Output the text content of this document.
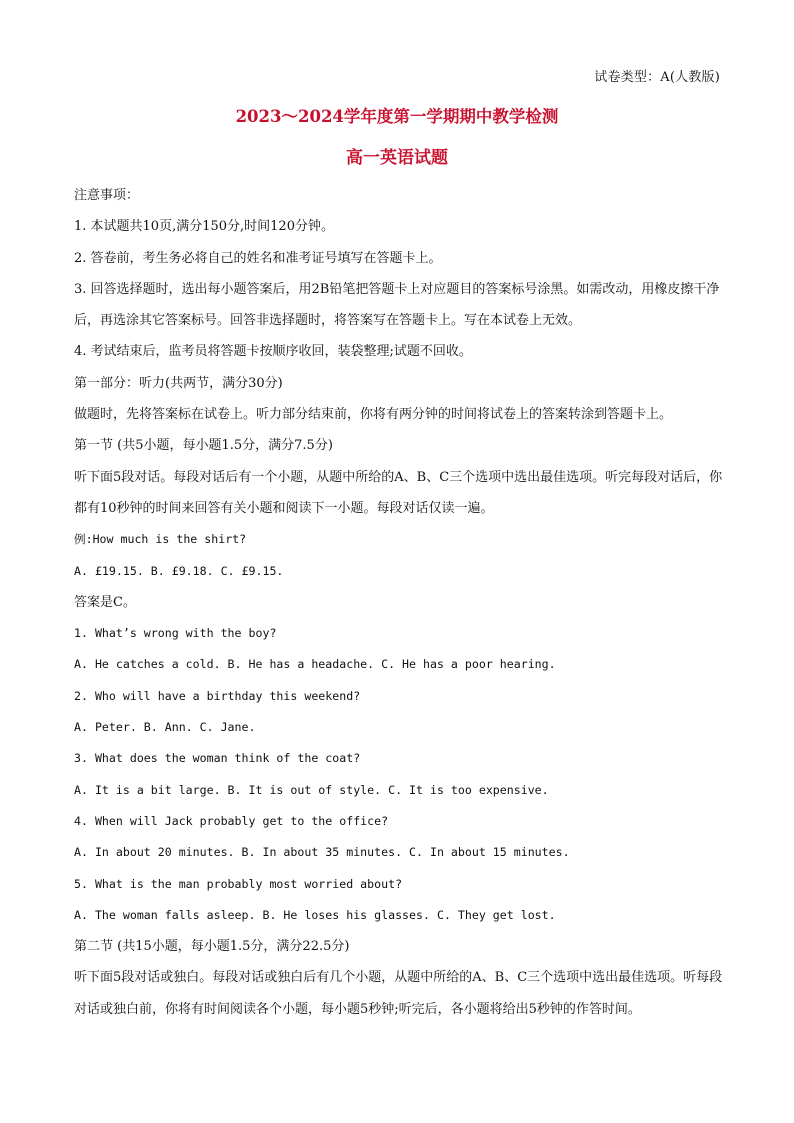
试卷类型：A(人教版)
2023～2024学年度第一学期期中教学检测
高一英语试题
注意事项：
1. 本试题共10页,满分150分,时间120分钟。
2. 答卷前，考生务必将自己的姓名和准考证号填写在答题卡上。
3. 回答选择题时，选出每小题答案后，用2B铅笔把答题卡上对应题目的答案标号涂黑。如需改动，用橡皮擦干净后，再选涂其它答案标号。回答非选择题时，将答案写在答题卡上。写在本试卷上无效。
4. 考试结束后，监考员将答题卡按顺序收回，装袋整理;试题不回收。
第一部分：听力(共两节，满分30分)
做题时，先将答案标在试卷上。听力部分结束前，你将有两分钟的时间将试卷上的答案转涂到答题卡上。
第一节 (共5小题，每小题1.5分，满分7.5分)
听下面5段对话。每段对话后有一个小题，从题中所给的A、B、C三个选项中选出最佳选项。听完每段对话后，你都有10秒钟的时间来回答有关小题和阅读下一小题。每段对话仅读一遍。
例:How much is the shirt?
A. £19.15. B. £9.18. C. £9.15.
答案是C。
1. What’s wrong with the boy?
A. He catches a cold. B. He has a headache. C. He has a poor hearing.
2. Who will have a birthday this weekend?
A. Peter. B. Ann. C. Jane.
3. What does the woman think of the coat?
A. It is a bit large. B. It is out of style. C. It is too expensive.
4. When will Jack probably get to the office?
A. In about 20 minutes. B. In about 35 minutes. C. In about 15 minutes.
5. What is the man probably most worried about?
A. The woman falls asleep. B. He loses his glasses. C. They get lost.
第二节 (共15小题，每小题1.5分，满分22.5分)
听下面5段对话或独白。每段对话或独白后有几个小题，从题中所给的A、B、C三个选项中选出最佳选项。听每段对话或独白前，你将有时间阅读各个小题，每小题5秒钟;听完后，各小题将给出5秒钟的作答时间。
